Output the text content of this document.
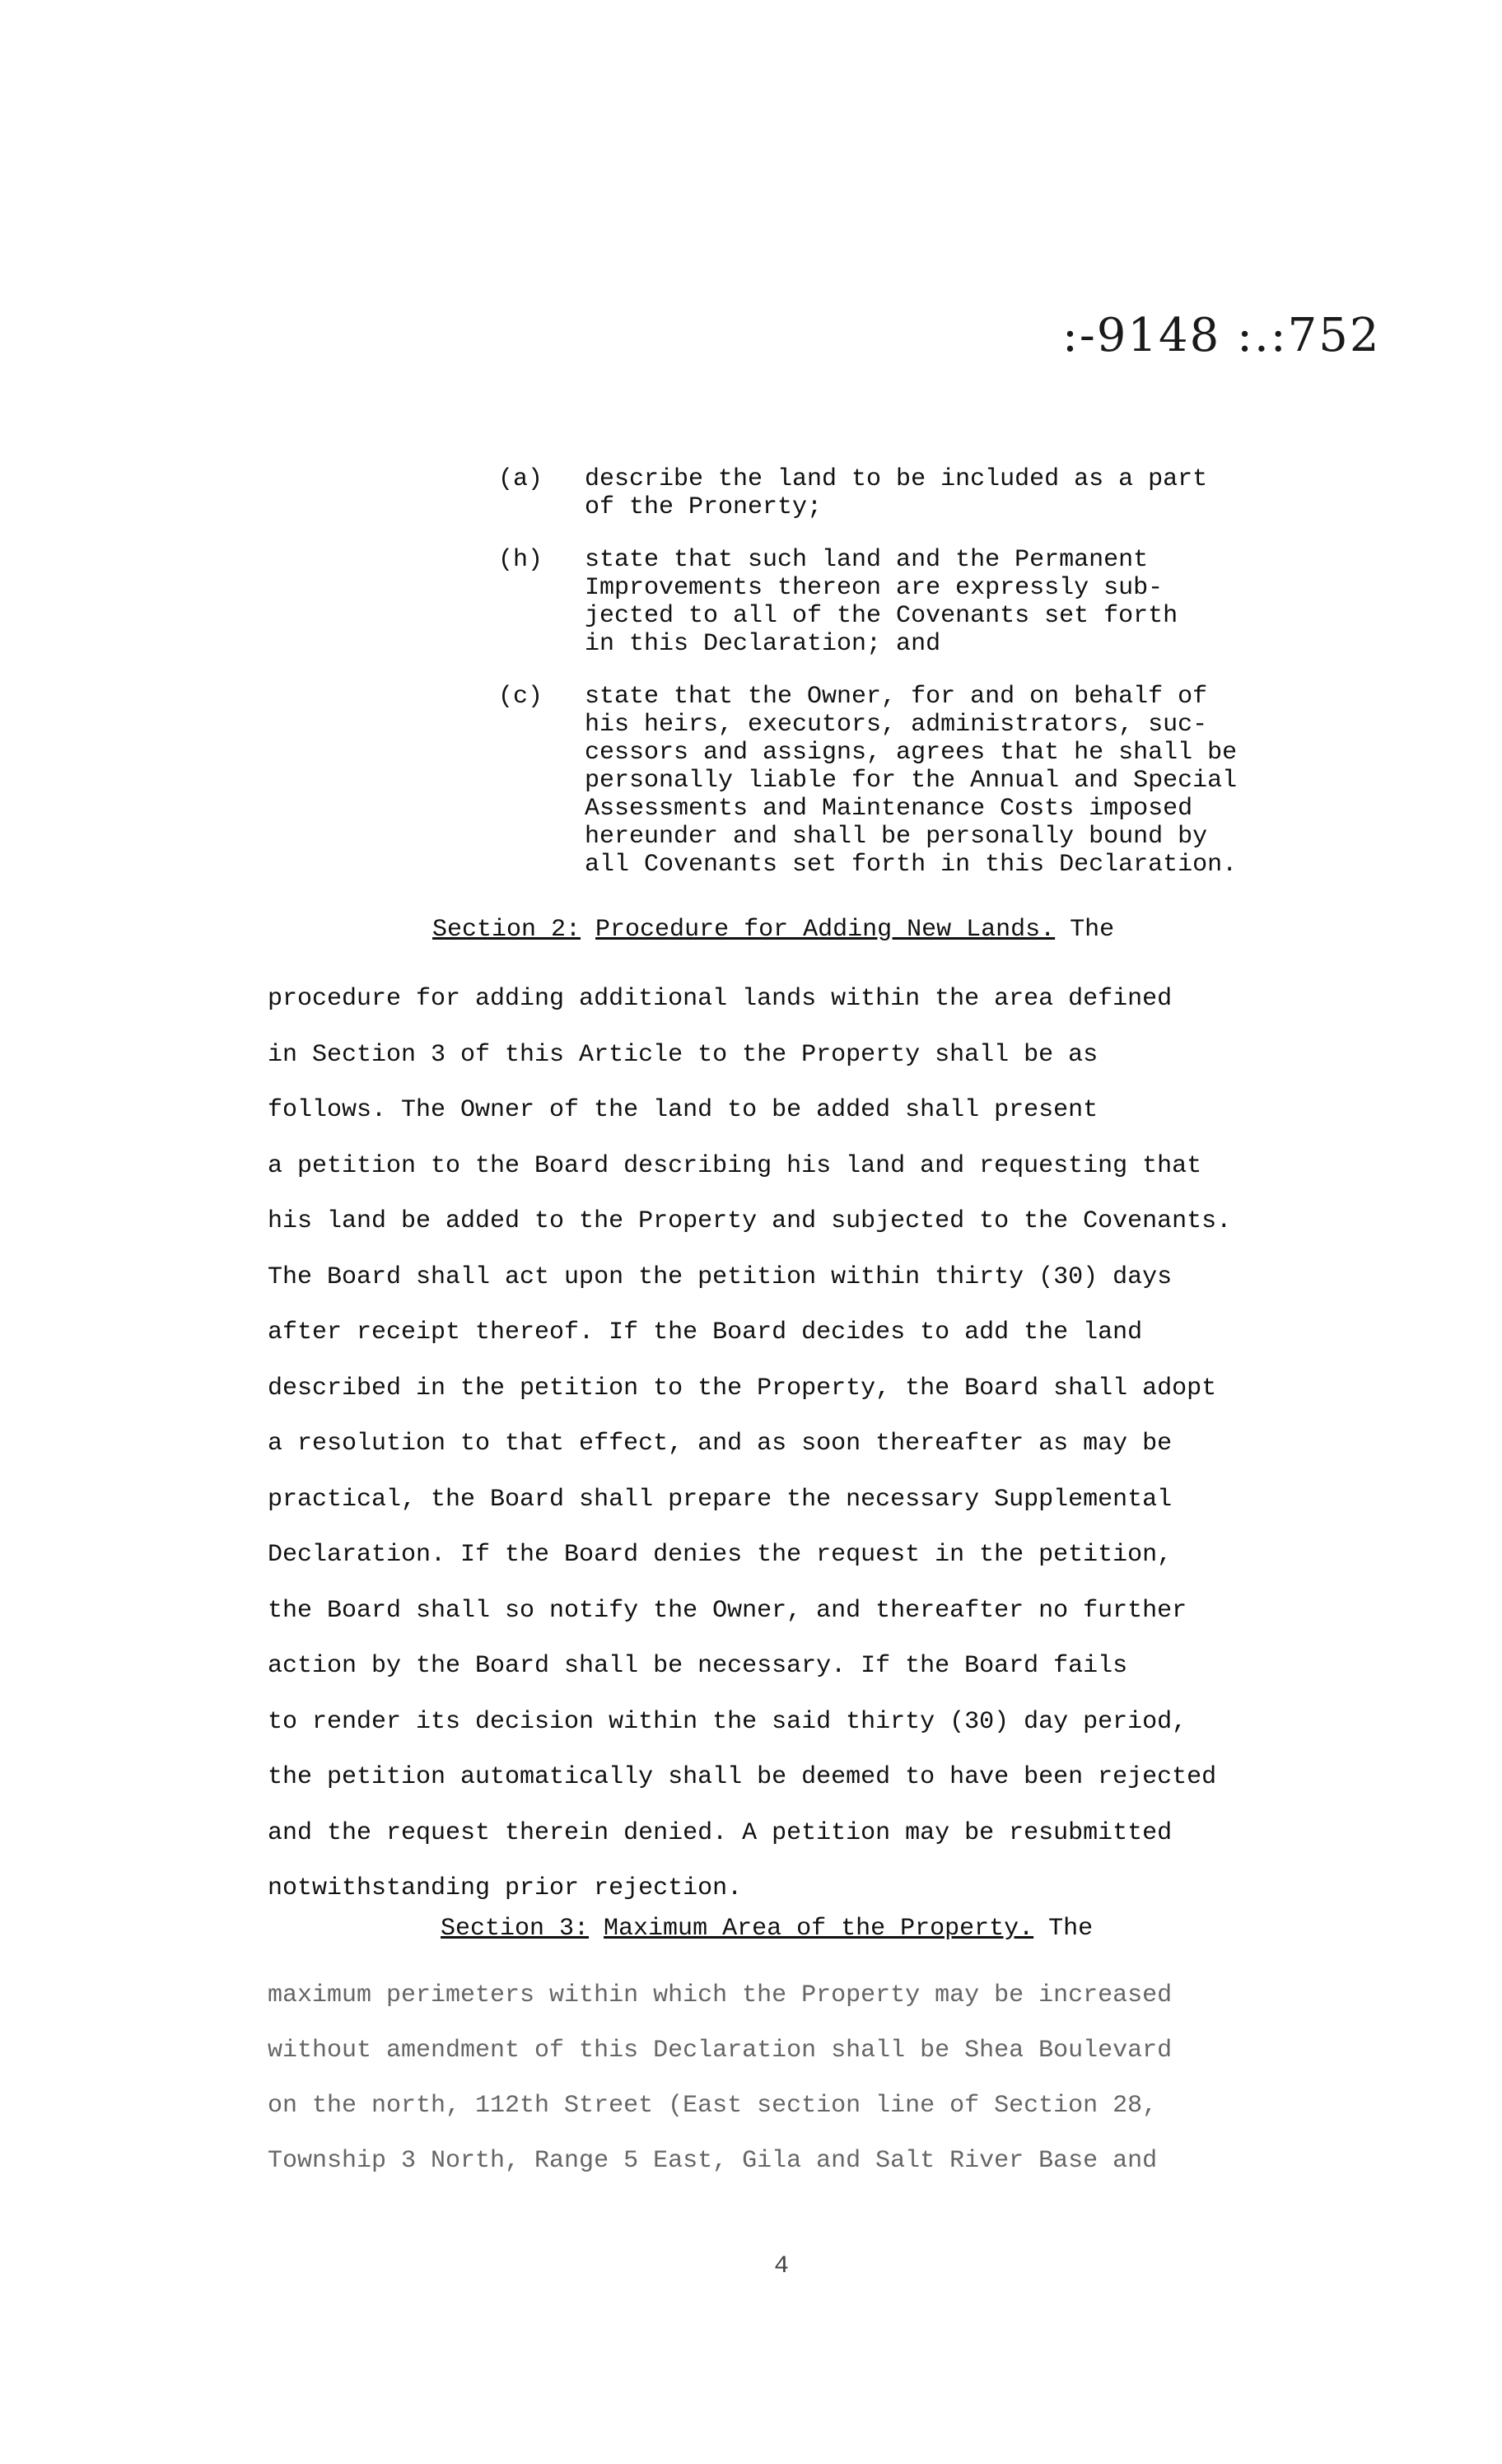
:-9148 :.:752
(a)	describe the land to be included as a part
of the Pronerty;
(h)	state that such land and the Permanent
Improvements thereon are expressly sub-
jected to all of the Covenants set forth
in this Declaration; and
(c)	state that the Owner, for and on behalf of
his heirs, executors, administrators, suc-
cessors and assigns, agrees that he shall be
personally liable for the Annual and Special
Assessments and Maintenance Costs imposed
hereunder and shall be personally bound by
all Covenants set forth in this Declaration.
Section 2: Procedure for Adding New Lands. The
procedure for adding additional lands within the area defined
in Section 3 of this Article to the Property shall be as
follows. The Owner of the land to be added shall present
a petition to the Board describing his land and requesting that
his land be added to the Property and subjected to the Covenants.
The Board shall act upon the petition within thirty (30) days
after receipt thereof. If the Board decides to add the land
described in the petition to the Property, the Board shall adopt
a resolution to that effect, and as soon thereafter as may be
practical, the Board shall prepare the necessary Supplemental
Declaration. If the Board denies the request in the petition,
the Board shall so notify the Owner, and thereafter no further
action by the Board shall be necessary. If the Board fails
to render its decision within the said thirty (30) day period,
the petition automatically shall be deemed to have been rejected
and the request therein denied. A petition may be resubmitted
notwithstanding prior rejection.
Section 3: Maximum Area of the Property. The
maximum perimeters within which the Property may be increased
without amendment of this Declaration shall be Shea Boulevard
on the north, 112th Street (East section line of Section 28,
Township 3 North, Range 5 East, Gila and Salt River Base and
4
